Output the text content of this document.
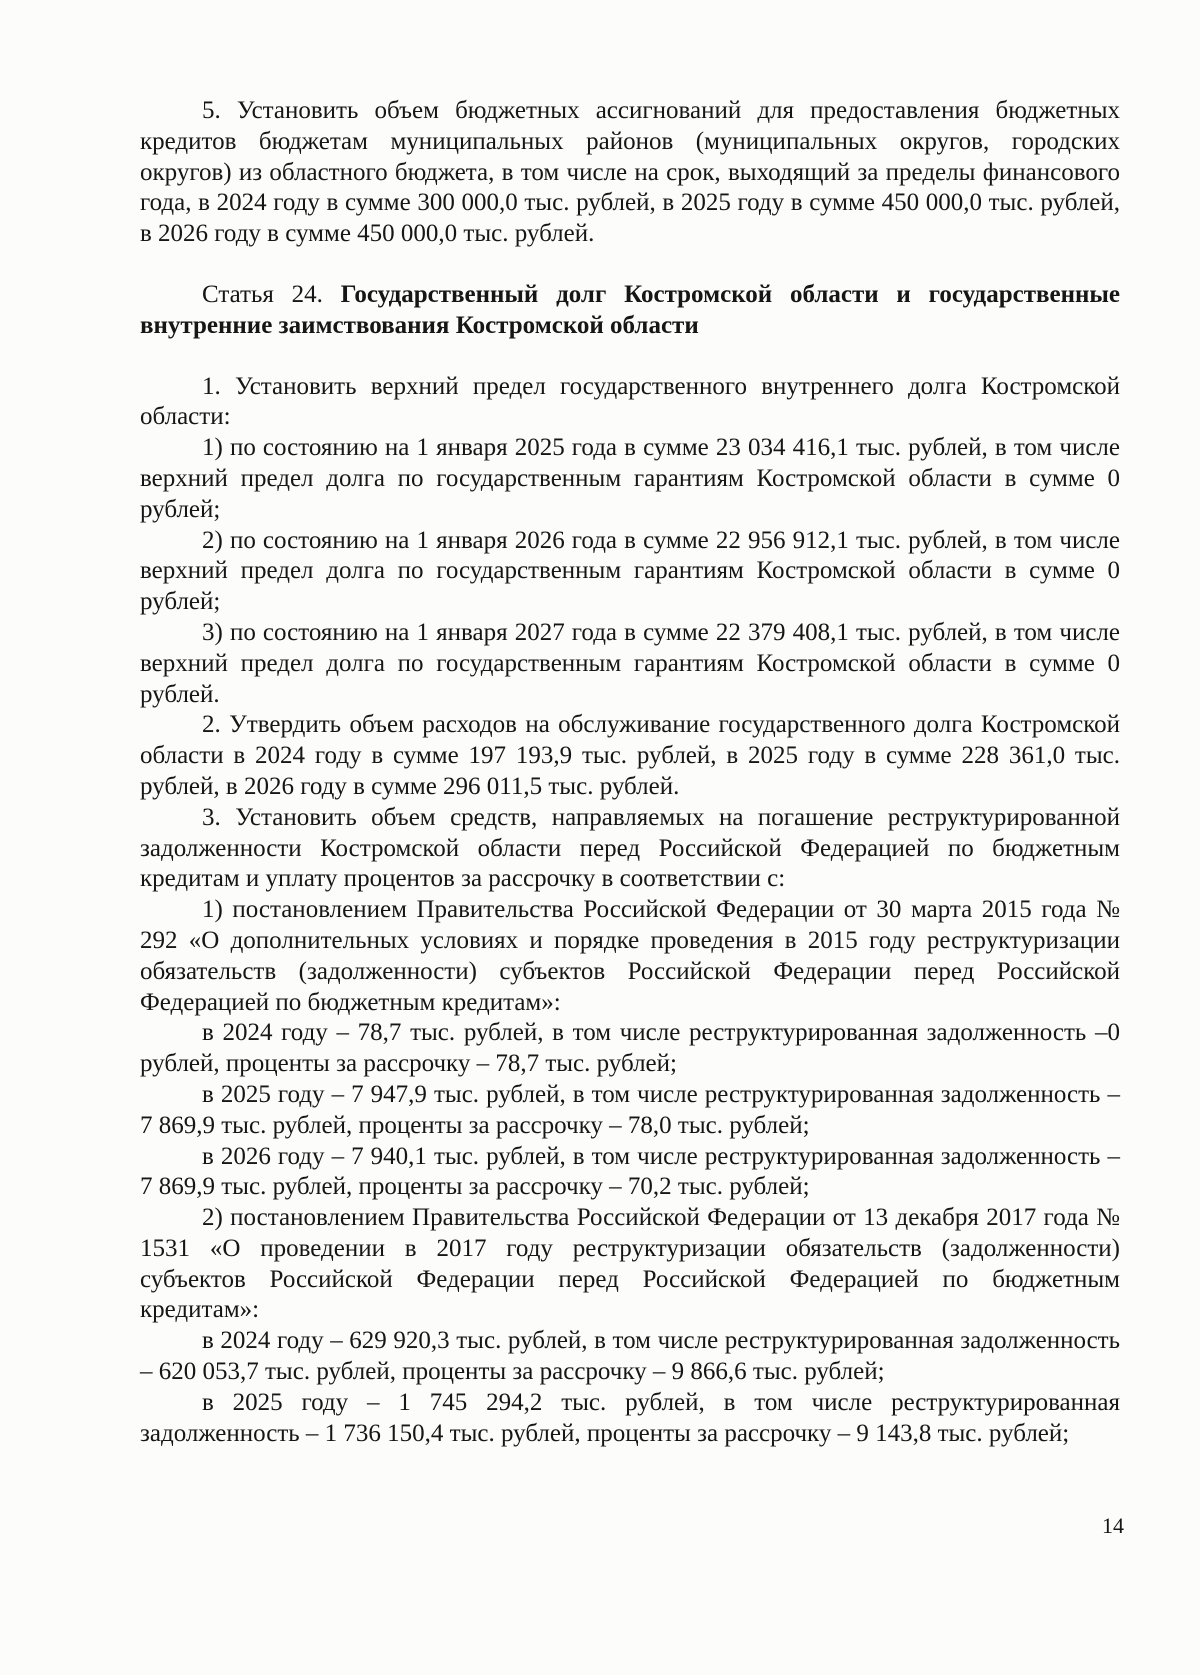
5. Установить объем бюджетных ассигнований для предоставления бюджетных кредитов бюджетам муниципальных районов (муниципальных округов, городских округов) из областного бюджета, в том числе на срок, выходящий за пределы финансового года, в 2024 году в сумме 300 000,0 тыс. рублей, в 2025 году в сумме 450 000,0 тыс. рублей, в 2026 году в сумме 450 000,0 тыс. рублей.

Статья 24. Государственный долг Костромской области и государственные внутренние заимствования Костромской области

1. Установить верхний предел государственного внутреннего долга Костромской области:

1) по состоянию на 1 января 2025 года в сумме 23 034 416,1 тыс. рублей, в том числе верхний предел долга по государственным гарантиям Костромской области в сумме 0 рублей;

2) по состоянию на 1 января 2026 года в сумме 22 956 912,1 тыс. рублей, в том числе верхний предел долга по государственным гарантиям Костромской области в сумме 0 рублей;

3) по состоянию на 1 января 2027 года в сумме 22 379 408,1 тыс. рублей, в том числе верхний предел долга по государственным гарантиям Костромской области в сумме 0 рублей.

2. Утвердить объем расходов на обслуживание государственного долга Костромской области в 2024 году в сумме 197 193,9 тыс. рублей, в 2025 году в сумме 228 361,0 тыс. рублей, в 2026 году в сумме 296 011,5 тыс. рублей.

3. Установить объем средств, направляемых на погашение реструктурированной задолженности Костромской области перед Российской Федерацией по бюджетным кредитам и уплату процентов за рассрочку в соответствии с:

1) постановлением Правительства Российской Федерации от 30 марта 2015 года № 292 «О дополнительных условиях и порядке проведения в 2015 году реструктуризации обязательств (задолженности) субъектов Российской Федерации перед Российской Федерацией по бюджетным кредитам»:

в 2024 году – 78,7 тыс. рублей, в том числе реструктурированная задолженность –0 рублей, проценты за рассрочку – 78,7 тыс. рублей;

в 2025 году – 7 947,9 тыс. рублей, в том числе реструктурированная задолженность – 7 869,9 тыс. рублей, проценты за рассрочку – 78,0 тыс. рублей;

в 2026 году – 7 940,1 тыс. рублей, в том числе реструктурированная задолженность – 7 869,9 тыс. рублей, проценты за рассрочку – 70,2 тыс. рублей;

2) постановлением Правительства Российской Федерации от 13 декабря 2017 года № 1531 «О проведении в 2017 году реструктуризации обязательств (задолженности) субъектов Российской Федерации перед Российской Федерацией по бюджетным кредитам»:

в 2024 году – 629 920,3 тыс. рублей, в том числе реструктурированная задолженность – 620 053,7 тыс. рублей, проценты за рассрочку – 9 866,6 тыс. рублей;

в 2025 году – 1 745 294,2 тыс. рублей, в том числе реструктурированная задолженность – 1 736 150,4 тыс. рублей, проценты за рассрочку – 9 143,8 тыс. рублей;

14
